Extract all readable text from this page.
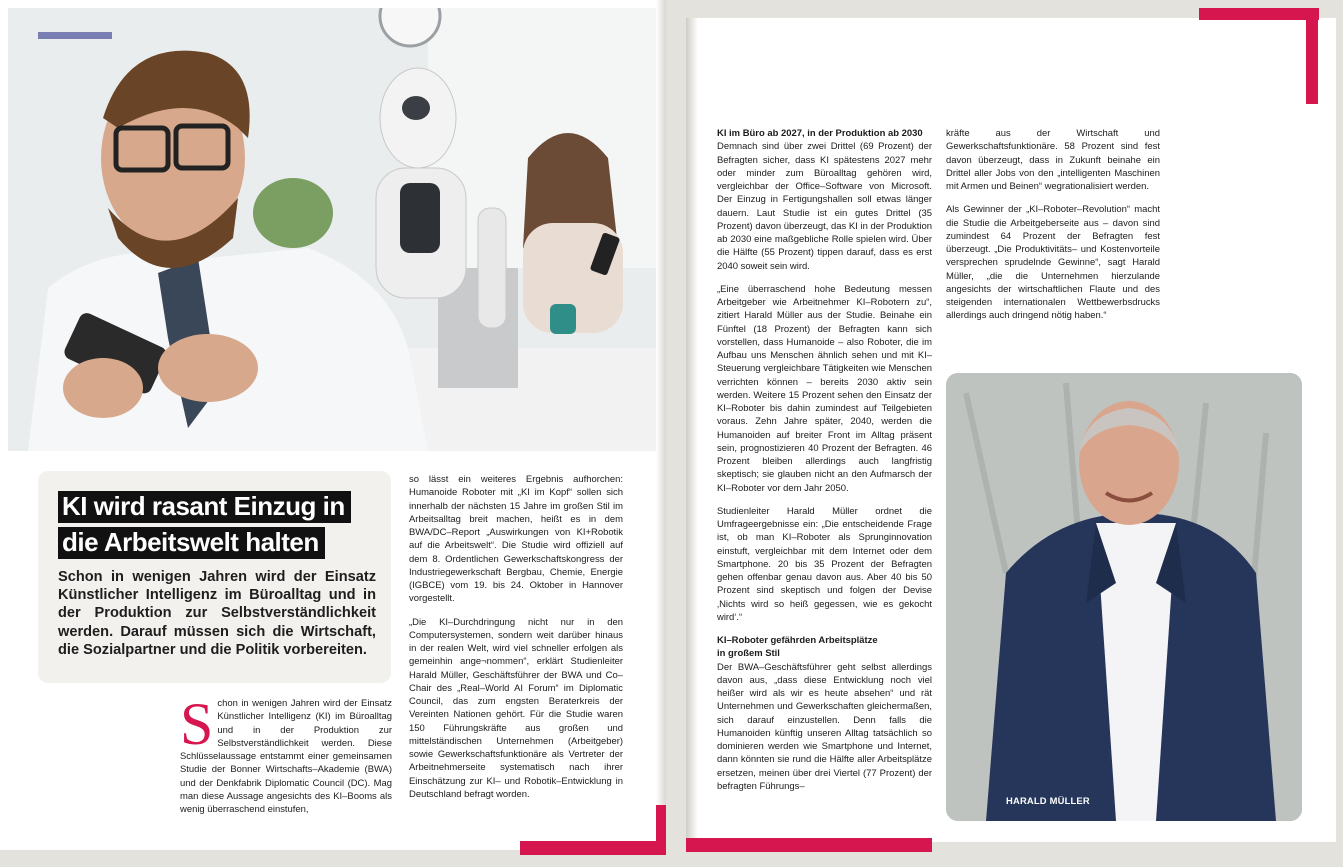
KI wird rasant Einzug in
die Arbeitswelt halten

Schon in wenigen Jahren wird der Einsatz Künstlicher Intelligenz im Büroalltag und in der Produktion zur Selbstverständlichkeit werden. Darauf müssen sich die Wirtschaft, die Sozialpartner und die Politik vorbereiten.

Schon in wenigen Jahren wird der Einsatz Künstlicher Intelligenz (KI) im Büroalltag und in der Produktion zur Selbstverständlichkeit werden. Diese Schlüsselaussage entstammt einer gemeinsamen Studie der Bonner Wirtschafts–Akademie (BWA) und der Denkfabrik Diplomatic Council (DC). Mag man diese Aussage angesichts des KI–Booms als wenig überraschend einstufen,

so lässt ein weiteres Ergebnis aufhorchen: Humanoide Roboter mit „KI im Kopf“ sollen sich innerhalb der nächsten 15 Jahre im großen Stil im Arbeitsalltag breit machen, heißt es in dem BWA/DC–Report „Auswirkungen von KI+Robotik auf die Arbeitswelt“. Die Studie wird offiziell auf dem 8. Ordentlichen Gewerkschaftskongress der Industriegewerkschaft Bergbau, Chemie, Energie (IGBCE) vom 19. bis 24. Oktober in Hannover vorgestellt.

„Die KI–Durchdringung nicht nur in den Computersystemen, sondern weit darüber hinaus in der realen Welt, wird viel schneller erfolgen als gemeinhin ange¬nommen“, erklärt Studienleiter Harald Müller, Geschäftsführer der BWA und Co–Chair des „Real–World AI Forum“ im Diplomatic Council, das zum engsten Beraterkreis der Vereinten Nationen gehört. Für die Studie waren 150 Führungskräfte aus großen und mittelständischen Unternehmen (Arbeitgeber) sowie Gewerkschaftsfunktionäre als Vertreter der Arbeitnehmerseite systematisch nach ihrer Einschätzung zur KI– und Robotik–Entwicklung in Deutschland befragt worden.

KI im Büro ab 2027, in der Produktion ab 2030
Demnach sind über zwei Drittel (69 Prozent) der Befragten sicher, dass KI spätestens 2027 mehr oder minder zum Büroalltag gehören wird, vergleichbar der Office–Software von Microsoft. Der Einzug in Fertigungshallen soll etwas länger dauern. Laut Studie ist ein gutes Drittel (35 Prozent) davon überzeugt, das KI in der Produktion ab 2030 eine maßgebliche Rolle spielen wird. Über die Hälfte (55 Prozent) tippen darauf, dass es erst 2040 soweit sein wird.

„Eine überraschend hohe Bedeutung messen Arbeitgeber wie Arbeitnehmer KI–Robotern zu“, zitiert Harald Müller aus der Studie. Beinahe ein Fünftel (18 Prozent) der Befragten kann sich vorstellen, dass Humanoide – also Roboter, die im Aufbau uns Menschen ähnlich sehen und mit KI–Steuerung vergleichbare Tätigkeiten wie Menschen verrichten können – bereits 2030 aktiv sein werden. Weitere 15 Prozent sehen den Einsatz der KI–Roboter bis dahin zumindest auf Teilgebieten voraus. Zehn Jahre später, 2040, werden die Humanoiden auf breiter Front im Alltag präsent sein, prognostizieren 40 Prozent der Befragten. 46 Prozent bleiben allerdings auch langfristig skeptisch; sie glauben nicht an den Aufmarsch der KI–Roboter vor dem Jahr 2050.

Studienleiter Harald Müller ordnet die Umfrageergebnisse ein: „Die entscheidende Frage ist, ob man KI–Roboter als Sprunginnovation einstuft, vergleichbar mit dem Internet oder dem Smartphone. 20 bis 35 Prozent der Befragten gehen offenbar genau davon aus. Aber 40 bis 50 Prozent sind skeptisch und folgen der Devise ‚Nichts wird so heiß gegessen, wie es gekocht wird‘.“

KI–Roboter gefährden Arbeitsplätze
in großem Stil
Der BWA–Geschäftsführer geht selbst allerdings davon aus, „dass diese Entwicklung noch viel heißer wird als wir es heute absehen“ und rät Unternehmen und Gewerkschaften gleichermaßen, sich darauf einzustellen. Denn falls die Humanoiden künftig unseren Alltag tatsächlich so dominieren werden wie Smartphone und Internet, dann könnten sie rund die Hälfte aller Arbeitsplätze ersetzen, meinen über drei Viertel (77 Prozent) der befragten Führungs–

kräfte aus der Wirtschaft und Gewerkschaftsfunktionäre. 58 Prozent sind fest davon überzeugt, dass in Zukunft beinahe ein Drittel aller Jobs von den „intelligenten Maschinen mit Armen und Beinen“ wegrationalisiert werden.

Als Gewinner der „KI–Roboter–Revolution“ macht die Studie die Arbeitgeberseite aus – davon sind zumindest 64 Prozent der Befragten fest überzeugt. „Die Produktivitäts– und Kostenvorteile versprechen sprudelnde Gewinne“, sagt Harald Müller, „die die Unternehmen hierzulande angesichts der wirtschaftlichen Flaute und des steigenden internationalen Wettbewerbsdrucks allerdings auch dringend nötig haben.“

HARALD MÜLLER
